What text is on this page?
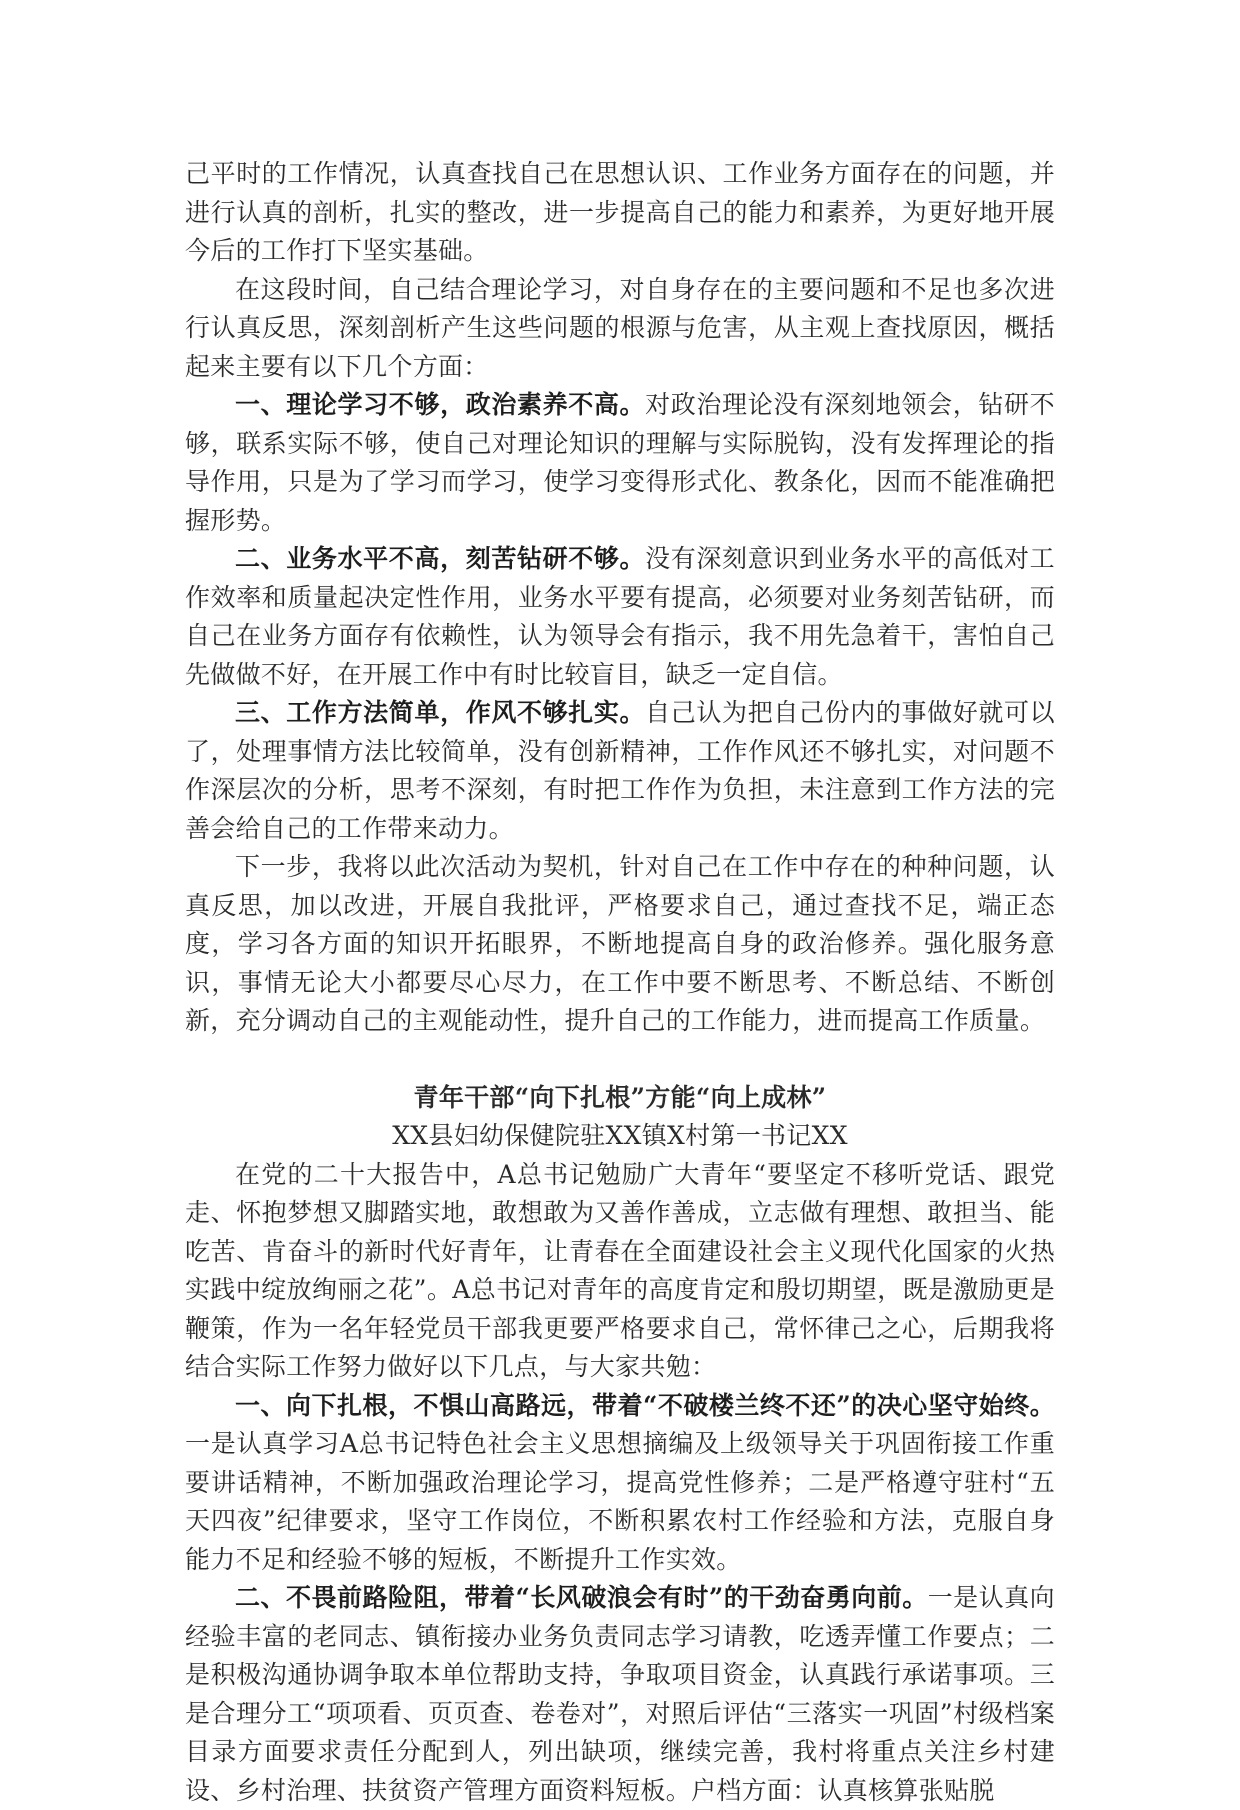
己平时的工作情况，认真查找自己在思想认识、工作业务方面存在的问题，并进行认真的剖析，扎实的整改，进一步提高自己的能力和素养，为更好地开展今后的工作打下坚实基础。

在这段时间，自己结合理论学习，对自身存在的主要问题和不足也多次进行认真反思，深刻剖析产生这些问题的根源与危害，从主观上查找原因，概括起来主要有以下几个方面：

一、理论学习不够，政治素养不高。对政治理论没有深刻地领会，钻研不够，联系实际不够，使自己对理论知识的理解与实际脱钩，没有发挥理论的指导作用，只是为了学习而学习，使学习变得形式化、教条化，因而不能准确把握形势。

二、业务水平不高，刻苦钻研不够。没有深刻意识到业务水平的高低对工作效率和质量起决定性作用，业务水平要有提高，必须要对业务刻苦钻研，而自己在业务方面存有依赖性，认为领导会有指示，我不用先急着干，害怕自己先做做不好，在开展工作中有时比较盲目，缺乏一定自信。

三、工作方法简单，作风不够扎实。自己认为把自己份内的事做好就可以了，处理事情方法比较简单，没有创新精神，工作作风还不够扎实，对问题不作深层次的分析，思考不深刻，有时把工作作为负担，未注意到工作方法的完善会给自己的工作带来动力。

下一步，我将以此次活动为契机，针对自己在工作中存在的种种问题，认真反思，加以改进，开展自我批评，严格要求自己，通过查找不足，端正态度，学习各方面的知识开拓眼界，不断地提高自身的政治修养。强化服务意识，事情无论大小都要尽心尽力，在工作中要不断思考、不断总结、不断创新，充分调动自己的主观能动性，提升自己的工作能力，进而提高工作质量。

青年干部“向下扎根”方能“向上成林”

XX县妇幼保健院驻XX镇X村第一书记XX

在党的二十大报告中，A总书记勉励广大青年“要坚定不移听党话、跟党走、怀抱梦想又脚踏实地，敢想敢为又善作善成，立志做有理想、敢担当、能吃苦、肯奋斗的新时代好青年，让青春在全面建设社会主义现代化国家的火热实践中绽放绚丽之花”。A总书记对青年的高度肯定和殷切期望，既是激励更是鞭策，作为一名年轻党员干部我更要严格要求自己，常怀律己之心，后期我将结合实际工作努力做好以下几点，与大家共勉：

一、向下扎根，不惧山高路远，带着“不破楼兰终不还”的决心坚守始终。一是认真学习A总书记特色社会主义思想摘编及上级领导关于巩固衔接工作重要讲话精神，不断加强政治理论学习，提高党性修养；二是严格遵守驻村“五天四夜”纪律要求，坚守工作岗位，不断积累农村工作经验和方法，克服自身能力不足和经验不够的短板，不断提升工作实效。

二、不畏前路险阻，带着“长风破浪会有时”的干劲奋勇向前。一是认真向经验丰富的老同志、镇衔接办业务负责同志学习请教，吃透弄懂工作要点；二是积极沟通协调争取本单位帮助支持，争取项目资金，认真践行承诺事项。三是合理分工“项项看、页页查、卷卷对”，对照后评估“三落实一巩固”村级档案目录方面要求责任分配到人，列出缺项，继续完善，我村将重点关注乡村建设、乡村治理、扶贫资产管理方面资料短板。户档方面：认真核算张贴脱
